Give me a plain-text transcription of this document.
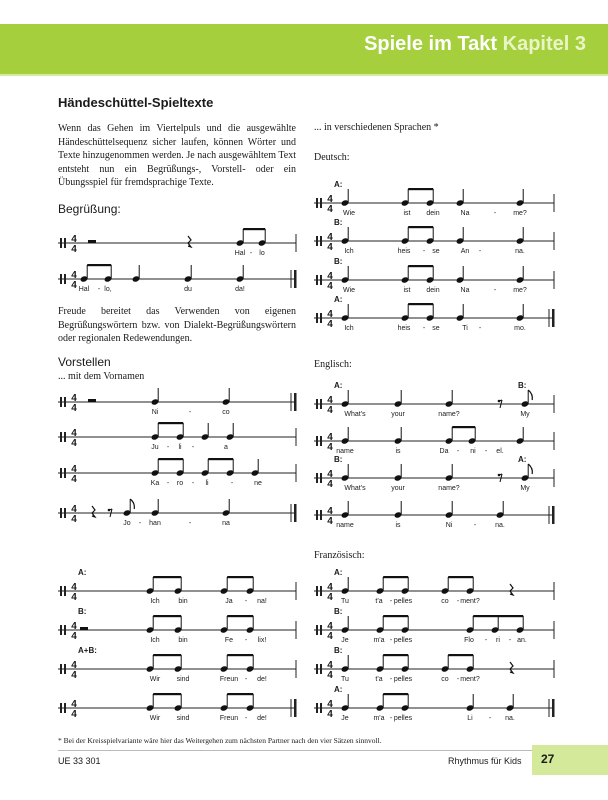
Spiele im Takt Kapitel 3
Händeschüttel-Spieltexte
Wenn das Gehen im Viertelpuls und die ausgewählte Händeschüttelsequenz sicher laufen, können Wörter und Texte hinzugenommen werden. Je nach ausgewähltem Text entsteht nun ein Begrüßungs-, Vorstell- oder ein Übungsspiel für fremdsprachige Texte.
Begrüßung:
Freude bereitet das Verwenden von eigenen Begrüßungswörtern bzw. von Dialekt-Begrüßungswörtern oder regionalen Redewendungen.
Vorstellen
... mit dem Vornamen
... in verschiedenen Sprachen *
Deutsch:
Englisch:
Französisch:
4
4	Hal - lo
4
4 Hal - lo,	du	da!
4
4	Ni	-	co
4
4	Ju - li -	a
4
4	Ka - ro - li	-	ne
4
4	Jo - han	-	na
4
4
A:
Ich	bin	Ja - na!
4
4
B:
Ich	bin	Fe - lix!
4
4
A+B:
Wir sind	Freun - de!
4
4	Wir sind	Freun - de!
4
4
A:
Wie	ist dein	Na	- me?
4
4
B:
Ich	heis - se	An -	na.
4
4
B:
Wie	ist dein	Na	- me?
4
4
A:
Ich	heis - se	Ti -	mo.
4
4
A:	B:
What's	your	name?	My
4
4 name	is	Da - ni - el.
4
4
B:	A:
What's	your	name?	My
4
4 name	is	Ni	-	na.
4
4
A:
Tu	t'a - pelles	co - ment?
4
4
B:
Je	m'a - pelles	Flo - ri - an.
4
4
B:
Tu	t'a - pelles	co - ment?
4
4
A:
Je	m'a - pelles	Li - na.
* Bei der Kreisspielvariante wäre hier das Weitergehen zum nächsten Partner nach den vier Sätzen sinnvoll.
UE 33 301	Rhythmus für Kids 27
